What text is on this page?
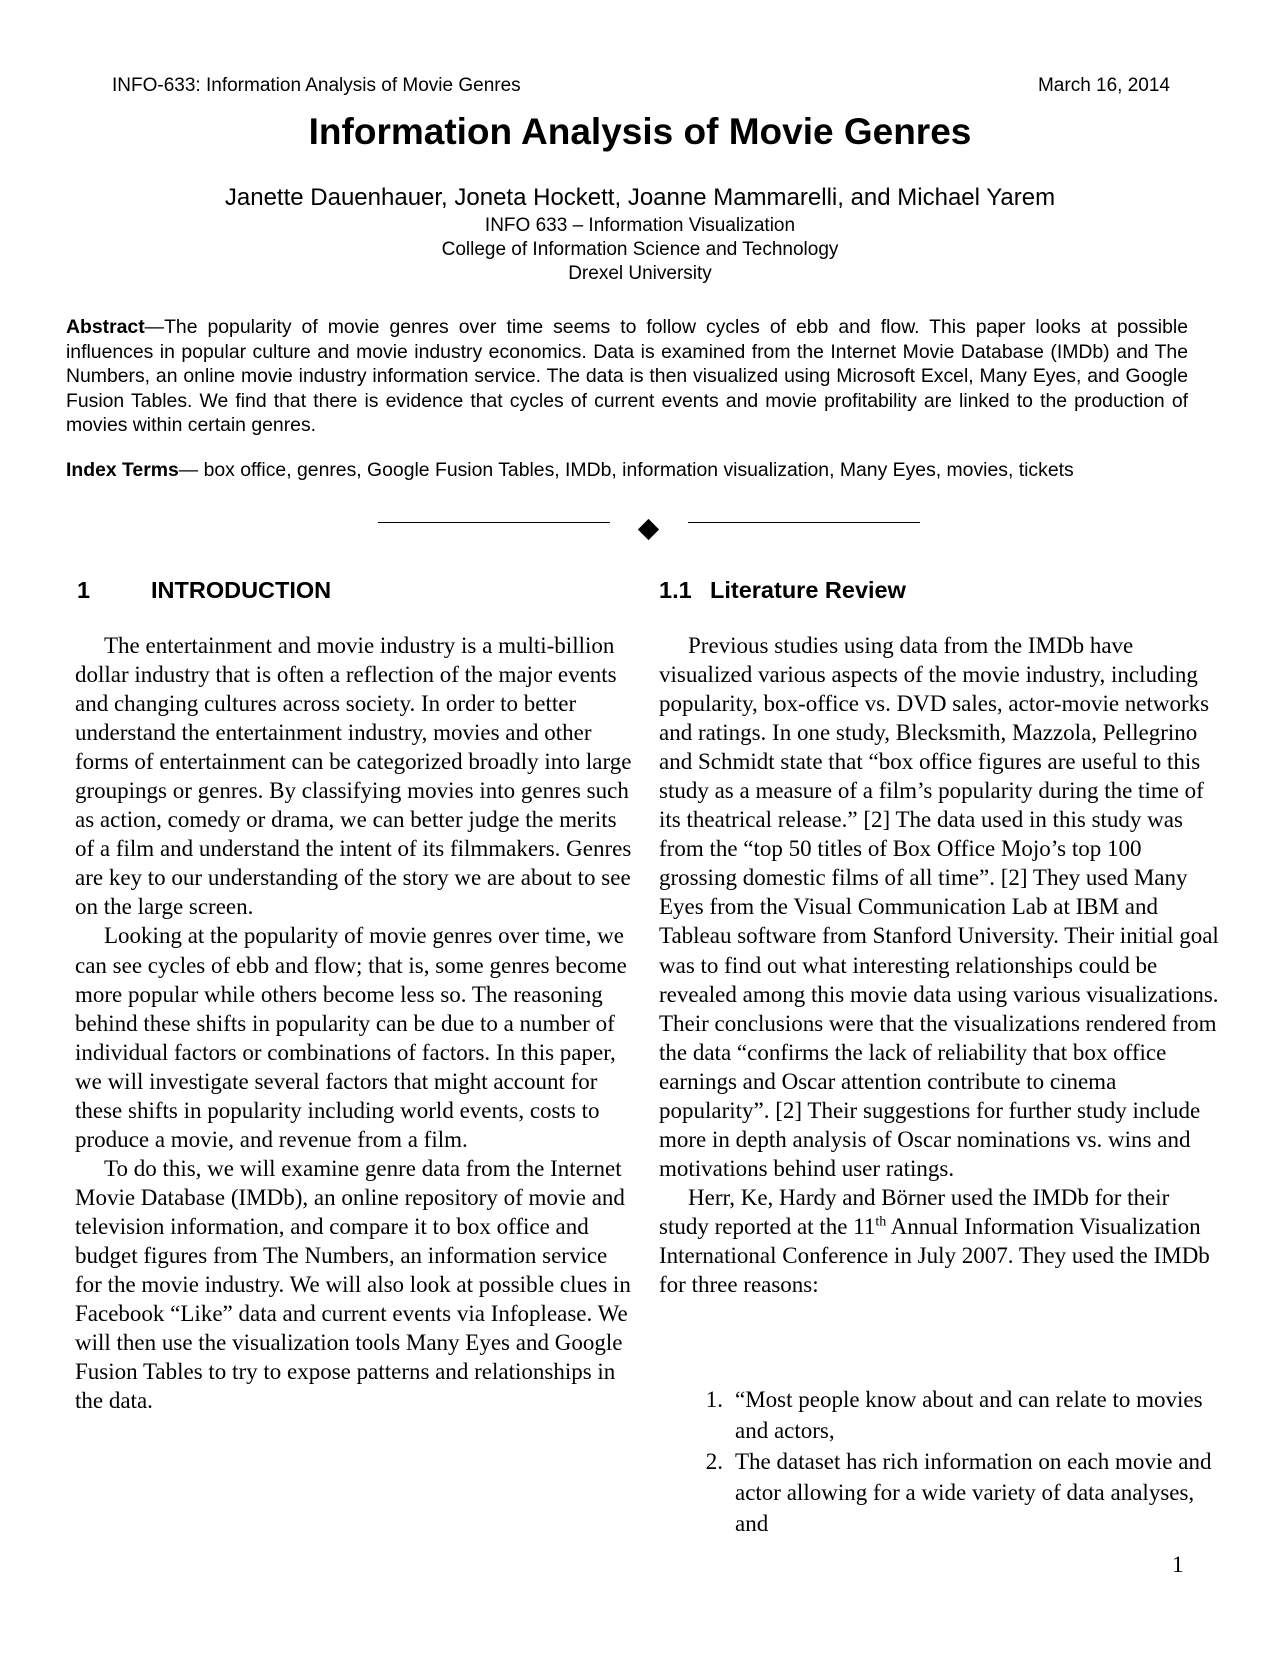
INFO-633: Information Analysis of Movie Genres	March 16, 2014
Information Analysis of Movie Genres
Janette Dauenhauer, Joneta Hockett, Joanne Mammarelli, and Michael Yarem
INFO 633 – Information Visualization
College of Information Science and Technology
Drexel University
Abstract—The popularity of movie genres over time seems to follow cycles of ebb and flow. This paper looks at possible influences in popular culture and movie industry economics. Data is examined from the Internet Movie Database (IMDb) and The Numbers, an online movie industry information service. The data is then visualized using Microsoft Excel, Many Eyes, and Google Fusion Tables. We find that there is evidence that cycles of current events and movie profitability are linked to the production of movies within certain genres.
Index Terms— box office, genres, Google Fusion Tables, IMDb, information visualization, Many Eyes, movies, tickets
1	INTRODUCTION	1.1 Literature Review

The entertainment and movie industry is a multi-billion dollar industry that is often a reflection of the major events and changing cultures across society. In order to better understand the entertainment industry, movies and other forms of entertainment can be categorized broadly into large groupings or genres. By classifying movies into genres such as action, comedy or drama, we can better judge the merits of a film and understand the intent of its filmmakers. Genres are key to our understanding of the story we are about to see on the large screen.

Looking at the popularity of movie genres over time, we can see cycles of ebb and flow; that is, some genres become more popular while others become less so. The reasoning behind these shifts in popularity can be due to a number of individual factors or combinations of factors. In this paper, we will investigate several factors that might account for these shifts in popularity including world events, costs to produce a movie, and revenue from a film.

To do this, we will examine genre data from the Internet Movie Database (IMDb), an online repository of movie and television information, and compare it to box office and budget figures from The Numbers, an information service for the movie industry. We will also look at possible clues in Facebook “Like” data and current events via Infoplease. We will then use the visualization tools Many Eyes and Google Fusion Tables to try to expose patterns and relationships in the data.

Previous studies using data from the IMDb have visualized various aspects of the movie industry, including popularity, box-office vs. DVD sales, actor-movie networks and ratings. In one study, Blecksmith, Mazzola, Pellegrino and Schmidt state that “box office figures are useful to this study as a measure of a film’s popularity during the time of its theatrical release.” [2] The data used in this study was from the “top 50 titles of Box Office Mojo’s top 100 grossing domestic films of all time”. [2] They used Many Eyes from the Visual Communication Lab at IBM and Tableau software from Stanford University. Their initial goal was to find out what interesting relationships could be revealed among this movie data using various visualizations. Their conclusions were that the visualizations rendered from the data “confirms the lack of reliability that box office earnings and Oscar attention contribute to cinema popularity”. [2] Their suggestions for further study include more in depth analysis of Oscar nominations vs. wins and motivations behind user ratings.

Herr, Ke, Hardy and Börner used the IMDb for their study reported at the 11th Annual Information Visualization International Conference in July 2007. They used the IMDb for three reasons:

1. “Most people know about and can relate to movies and actors,
2. The dataset has rich information on each movie and actor allowing for a wide variety of data analyses, and
1
